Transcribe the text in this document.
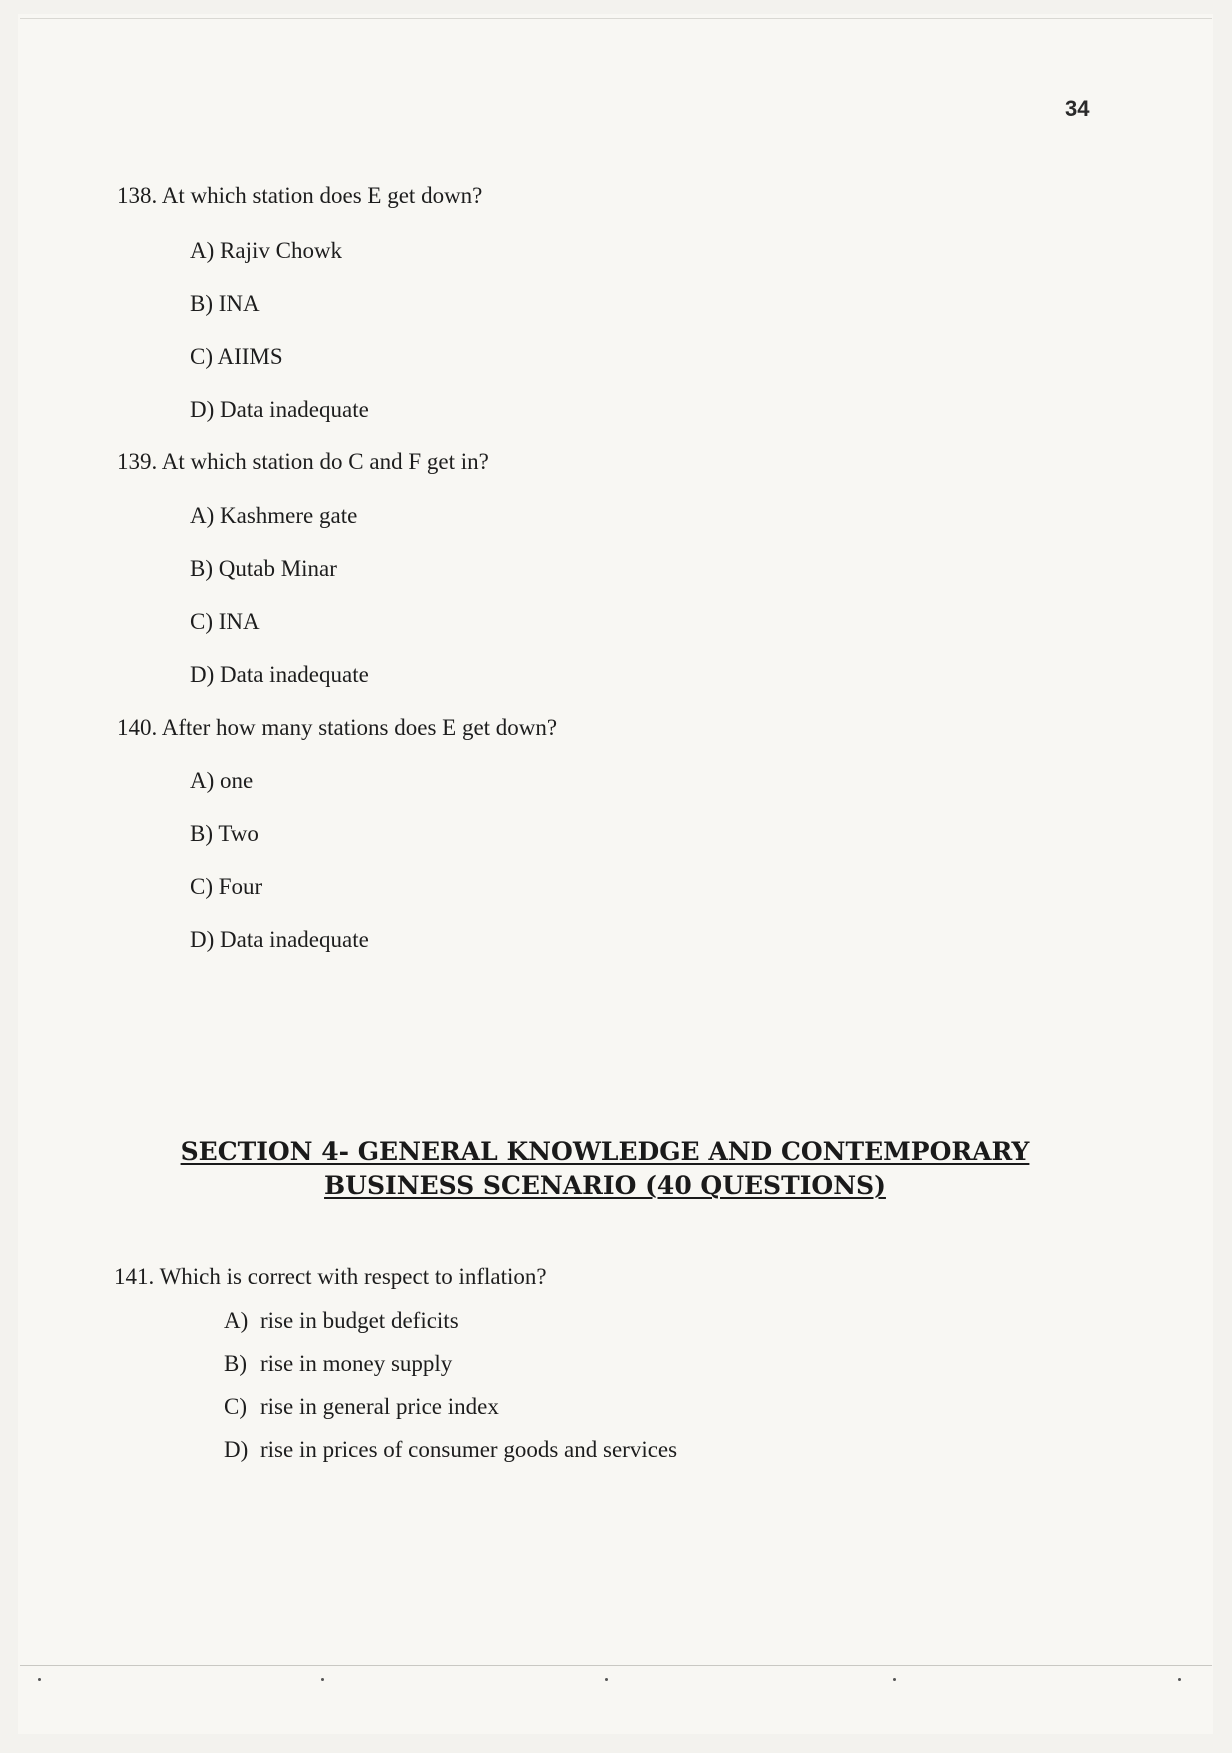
34
138. At which station does E get down?
A) Rajiv Chowk
B) INA
C) AIIMS
D) Data inadequate
139. At which station do C and F get in?
A) Kashmere gate
B) Qutab Minar
C) INA
D) Data inadequate
140. After how many stations does E get down?
A) one
B) Two
C) Four
D) Data inadequate
SECTION 4- GENERAL KNOWLEDGE AND CONTEMPORARY
BUSINESS SCENARIO (40 QUESTIONS)
141. Which is correct with respect to inflation?
A) rise in budget deficits
B) rise in money supply
C) rise in general price index
D) rise in prices of consumer goods and services
